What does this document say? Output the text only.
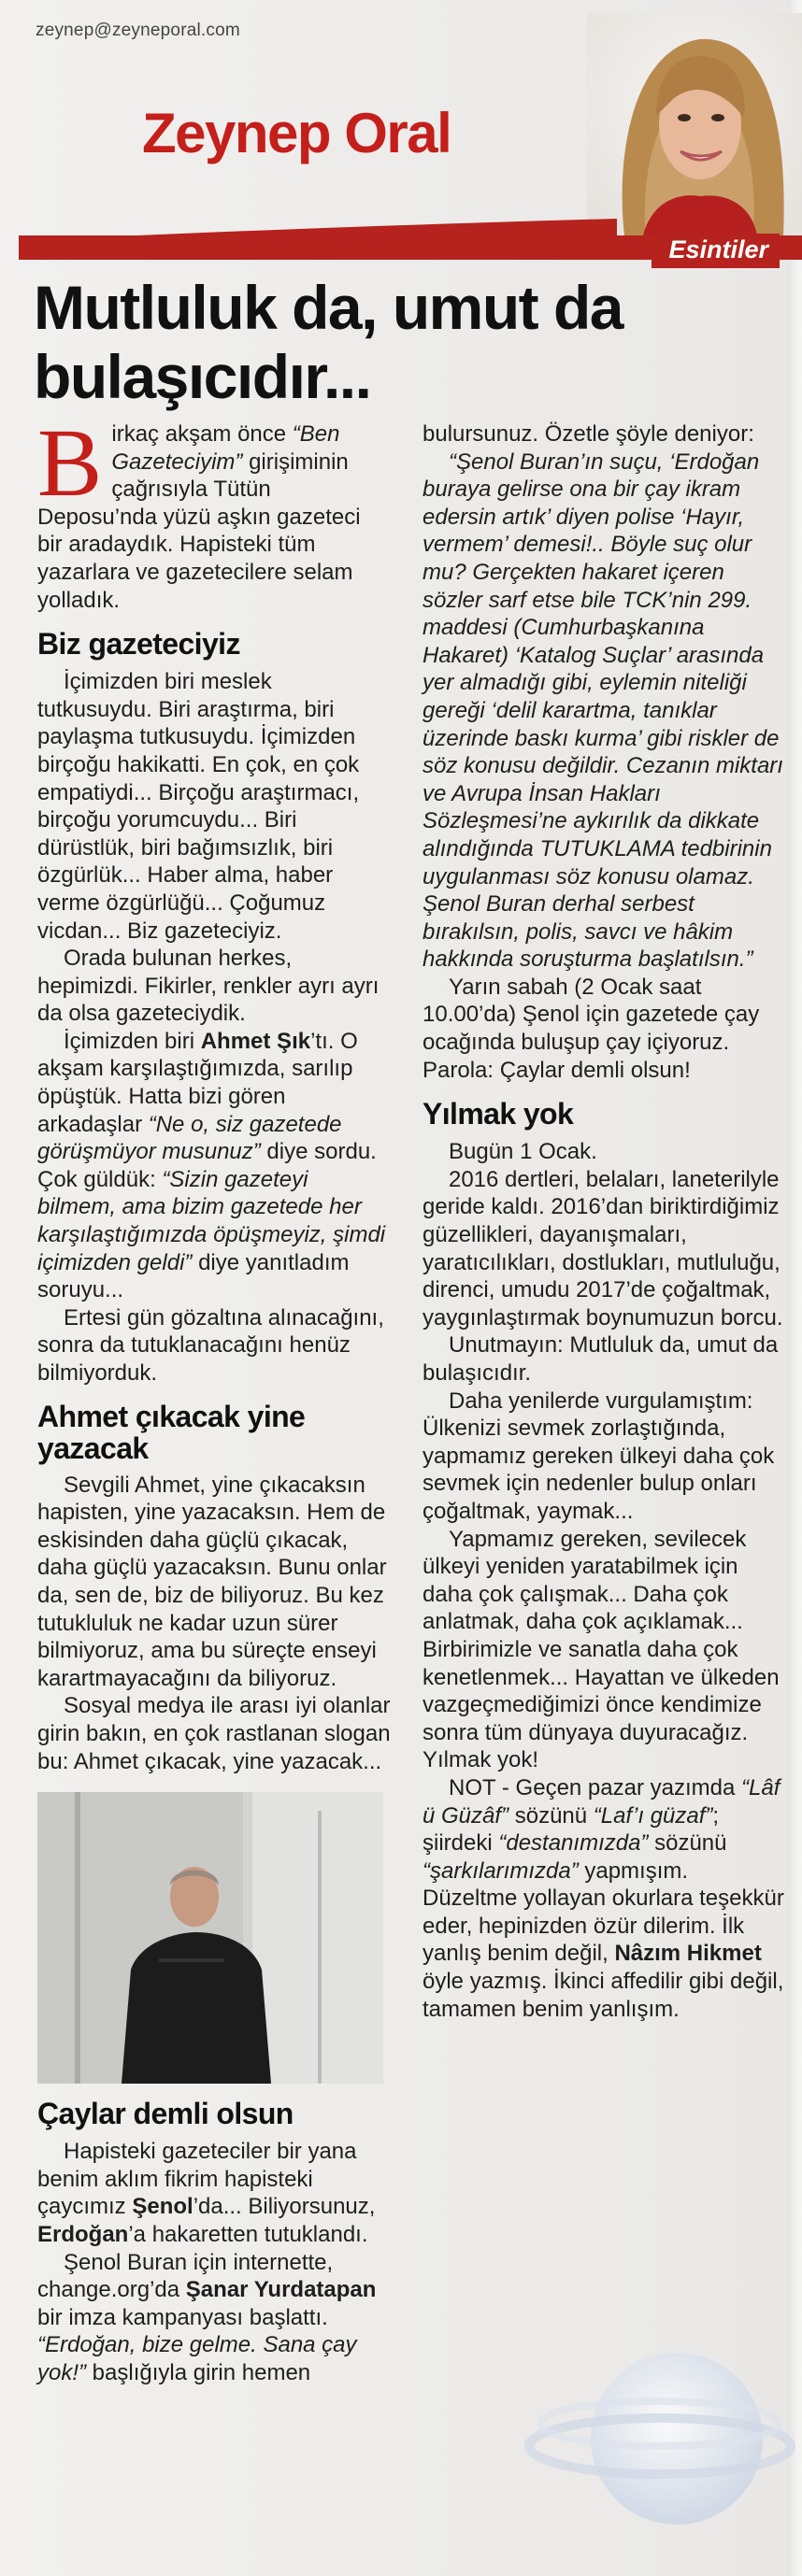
zeynep@zeyneporal.com
Zeynep Oral
Esintiler
Mutluluk da, umut da bulaşıcıdır...

B irkaç akşam önce “Ben Gazeteciyim” girişiminin çağrısıyla Tütün Deposu’nda yüzü aşkın gazeteci bir aradaydık. Hapisteki tüm yazarlara ve gazetecilere selam yolladık.

Biz gazeteciyiz

İçimizden biri meslek tutkusuydu. Biri araştırma, biri paylaşma tutkusuydu. İçimizden birçoğu hakikatti. En çok, en çok empatiydi... Birçoğu araştırmacı, birçoğu yorumcuydu... Biri dürüstlük, biri bağımsızlık, biri özgürlük... Haber alma, haber verme özgürlüğü... Çoğumuz vicdan... Biz gazeteciyiz.

Orada bulunan herkes, hepimizdi. Fikirler, renkler ayrı ayrı da olsa gazeteciydik.

İçimizden biri Ahmet Şık’tı. O akşam karşılaştığımızda, sarılıp öpüştük. Hatta bizi gören arkadaşlar “Ne o, siz gazetede görüşmüyor musunuz” diye sordu. Çok güldük: “Sizin gazeteyi bilmem, ama bizim gazetede her karşılaştığımızda öpüşmeyiz, şimdi içimizden geldi” diye yanıtladım soruyu...

Ertesi gün gözaltına alınacağını, sonra da tutuklanacağını henüz bilmiyorduk.

Ahmet çıkacak yine yazacak

Sevgili Ahmet, yine çıkacaksın hapisten, yine yazacaksın. Hem de eskisinden daha güçlü çıkacak, daha güçlü yazacaksın. Bunu onlar da, sen de, biz de biliyoruz. Bu kez tutukluluk ne kadar uzun sürer bilmiyoruz, ama bu süreçte enseyi karartmayacağını da biliyoruz.

Sosyal medya ile arası iyi olanlar girin bakın, en çok rastlanan slogan bu: Ahmet çıkacak, yine yazacak...

Çaylar demli olsun

Hapisteki gazeteciler bir yana benim aklım fikrim hapisteki çaycımız Şenol’da... Biliyorsunuz, Erdoğan’a hakaretten tutuklandı.

Şenol Buran için internette, change.org’da Şanar Yurdatapan bir imza kampanyası başlattı. “Erdoğan, bize gelme. Sana çay yok!” başlığıyla girin hemen

bulursunuz. Özetle şöyle deniyor:

“Şenol Buran’ın suçu, ‘Erdoğan buraya gelirse ona bir çay ikram edersin artık’ diyen polise ‘Hayır, vermem’ demesi!.. Böyle suç olur mu? Gerçekten hakaret içeren sözler sarf etse bile TCK’nin 299. maddesi (Cumhurbaşkanına Hakaret) ‘Katalog Suçlar’ arasında yer almadığı gibi, eylemin niteliği gereği ‘delil karartma, tanıklar üzerinde baskı kurma’ gibi riskler de söz konusu değildir. Cezanın miktarı ve Avrupa İnsan Hakları Sözleşmesi’ne aykırılık da dikkate alındığında TUTUKLAMA tedbirinin uygulanması söz konusu olamaz. Şenol Buran derhal serbest bırakılsın, polis, savcı ve hâkim hakkında soruşturma başlatılsın.”

Yarın sabah (2 Ocak saat 10.00’da) Şenol için gazetede çay ocağında buluşup çay içiyoruz. Parola: Çaylar demli olsun!

Yılmak yok

Bugün 1 Ocak.

2016 dertleri, belaları, laneterilyle geride kaldı. 2016’dan biriktirdiğimiz güzellikleri, dayanışmaları, yaratıcılıkları, dostlukları, mutluluğu, direnci, umudu 2017’de çoğaltmak, yaygınlaştırmak boynumuzun borcu.

Unutmayın: Mutluluk da, umut da bulaşıcıdır.

Daha yenilerde vurgulamıştım: Ülkenizi sevmek zorlaştığında, yapmamız gereken ülkeyi daha çok sevmek için nedenler bulup onları çoğaltmak, yaymak...

Yapmamız gereken, sevilecek ülkeyi yeniden yaratabilmek için daha çok çalışmak... Daha çok anlatmak, daha çok açıklamak... Birbirimizle ve sanatla daha çok kenetlenmek... Hayattan ve ülkeden vazgeçmediğimizi önce kendimize sonra tüm dünyaya duyuracağız. Yılmak yok!

NOT - Geçen pazar yazımda “Lâf ü Güzâf” sözünü “Laf’ı güzaf”; şiirdeki “destanımızda” sözünü “şarkılarımızda” yapmışım. Düzeltme yollayan okurlara teşekkür eder, hepinizden özür dilerim. İlk yanlış benim değil, Nâzım Hikmet öyle yazmış. İkinci affedilir gibi değil, tamamen benim yanlışım.
